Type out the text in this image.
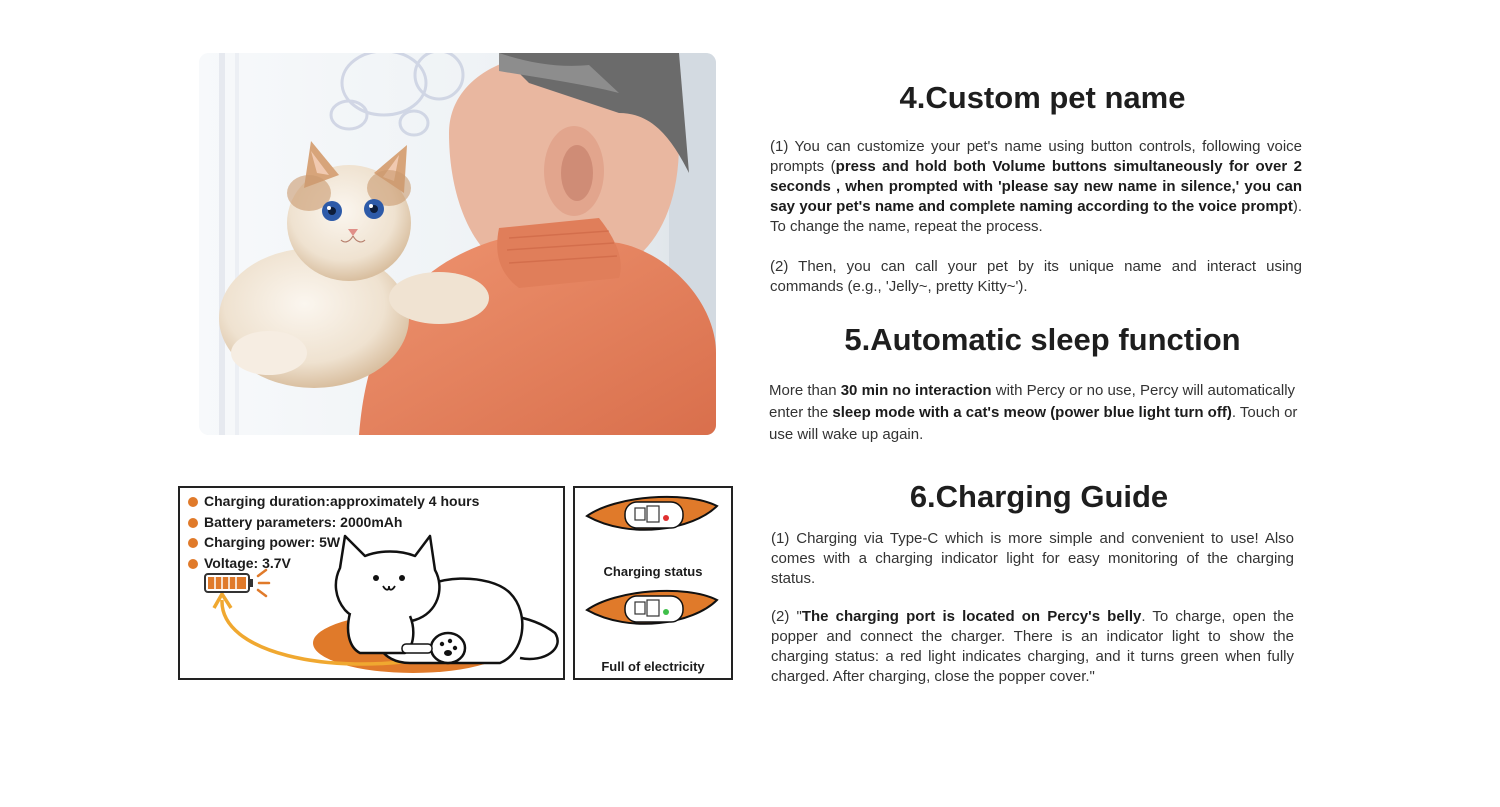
Charging duration:approximately 4 hours
Battery parameters: 2000mAh
Charging power: 5W
Voltage: 3.7V
Charging status
Full of electricity
4.Custom pet name

(1) You can customize your pet's name using button controls, following voice prompts (press and hold both Volume buttons simultaneously for over 2 seconds , when prompted with 'please say new name in silence,' you can say your pet's name and complete naming according to the voice prompt). To change the name, repeat the process.

(2) Then, you can call your pet by its unique name and interact using commands (e.g., 'Jelly~, pretty Kitty~').

5.Automatic sleep function

More than 30 min no interaction with Percy or no use, Percy will automatically enter the sleep mode with a cat's meow (power blue light turn off). Touch or use will wake up again.

6.Charging Guide

(1) Charging via Type-C which is more simple and convenient to use! Also comes with a charging indicator light for easy monitoring of the charging status.

(2) "The charging port is located on Percy's belly. To charge, open the popper and connect the charger. There is an indicator light to show the charging status: a red light indicates charging, and it turns green when fully charged. After charging, close the popper cover."
